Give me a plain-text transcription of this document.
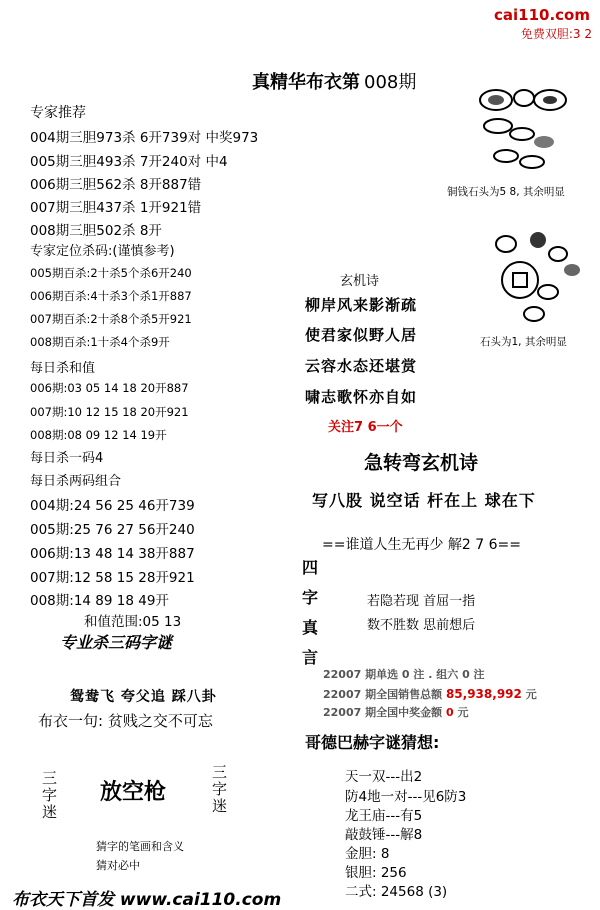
cai110.com
免费双胆:3 2
真精华布衣第 008期
专家推荐
004期三胆973杀 6开739对 中奖973
005期三胆493杀 7开240对 中4
006期三胆562杀 8开887错
007期三胆437杀 1开921错
008期三胆502杀 8开
专家定位杀码:(谨慎参考)
005期百杀:2十杀5个杀6开240
006期百杀:4十杀3个杀1开887
007期百杀:2十杀8个杀5开921
008期百杀:1十杀4个杀9开
每日杀和值
006期:03 05 14 18 20开887
007期:10 12 15 18 20开921
008期:08 09 12 14 19开
每日杀一码4
每日杀两码组合
004期:24 56 25 46开739
005期:25 76 27 56开240
006期:13 48 14 38开887
007期:12 58 15 28开921
008期:14 89 18 49开
和值范围:05 13
专业杀三码字谜
鸳鸯飞 夸父追 踩八卦
布衣一句: 贫贱之交不可忘
三
字
迷
放空枪
三
字
迷
猜字的笔画和含义
猜对必中
布衣天下首发 www.cai110.com
铜钱石头为5 8, 其余明显
石头为1, 其余明显
玄机诗
柳岸风来影渐疏
使君家似野人居
云容水态还堪赏
啸志歌怀亦自如
关注7 6一个
急转弯玄机诗
写八股 说空话 杆在上 球在下
==谁道人生无再少 解2 7 6==
四
字
真
言
若隐若现 首屈一指
数不胜数 思前想后
22007 期单选 0 注 . 组六 0 注
22007 期全国销售总额 85,938,992 元
22007 期全国中奖金额 0 元
哥德巴赫字谜猜想:
天一双---出2
防4地一对---见6防3
龙王庙---有5
敲鼓锤---解8
金胆: 8
银胆: 256
二式: 24568 (3)
